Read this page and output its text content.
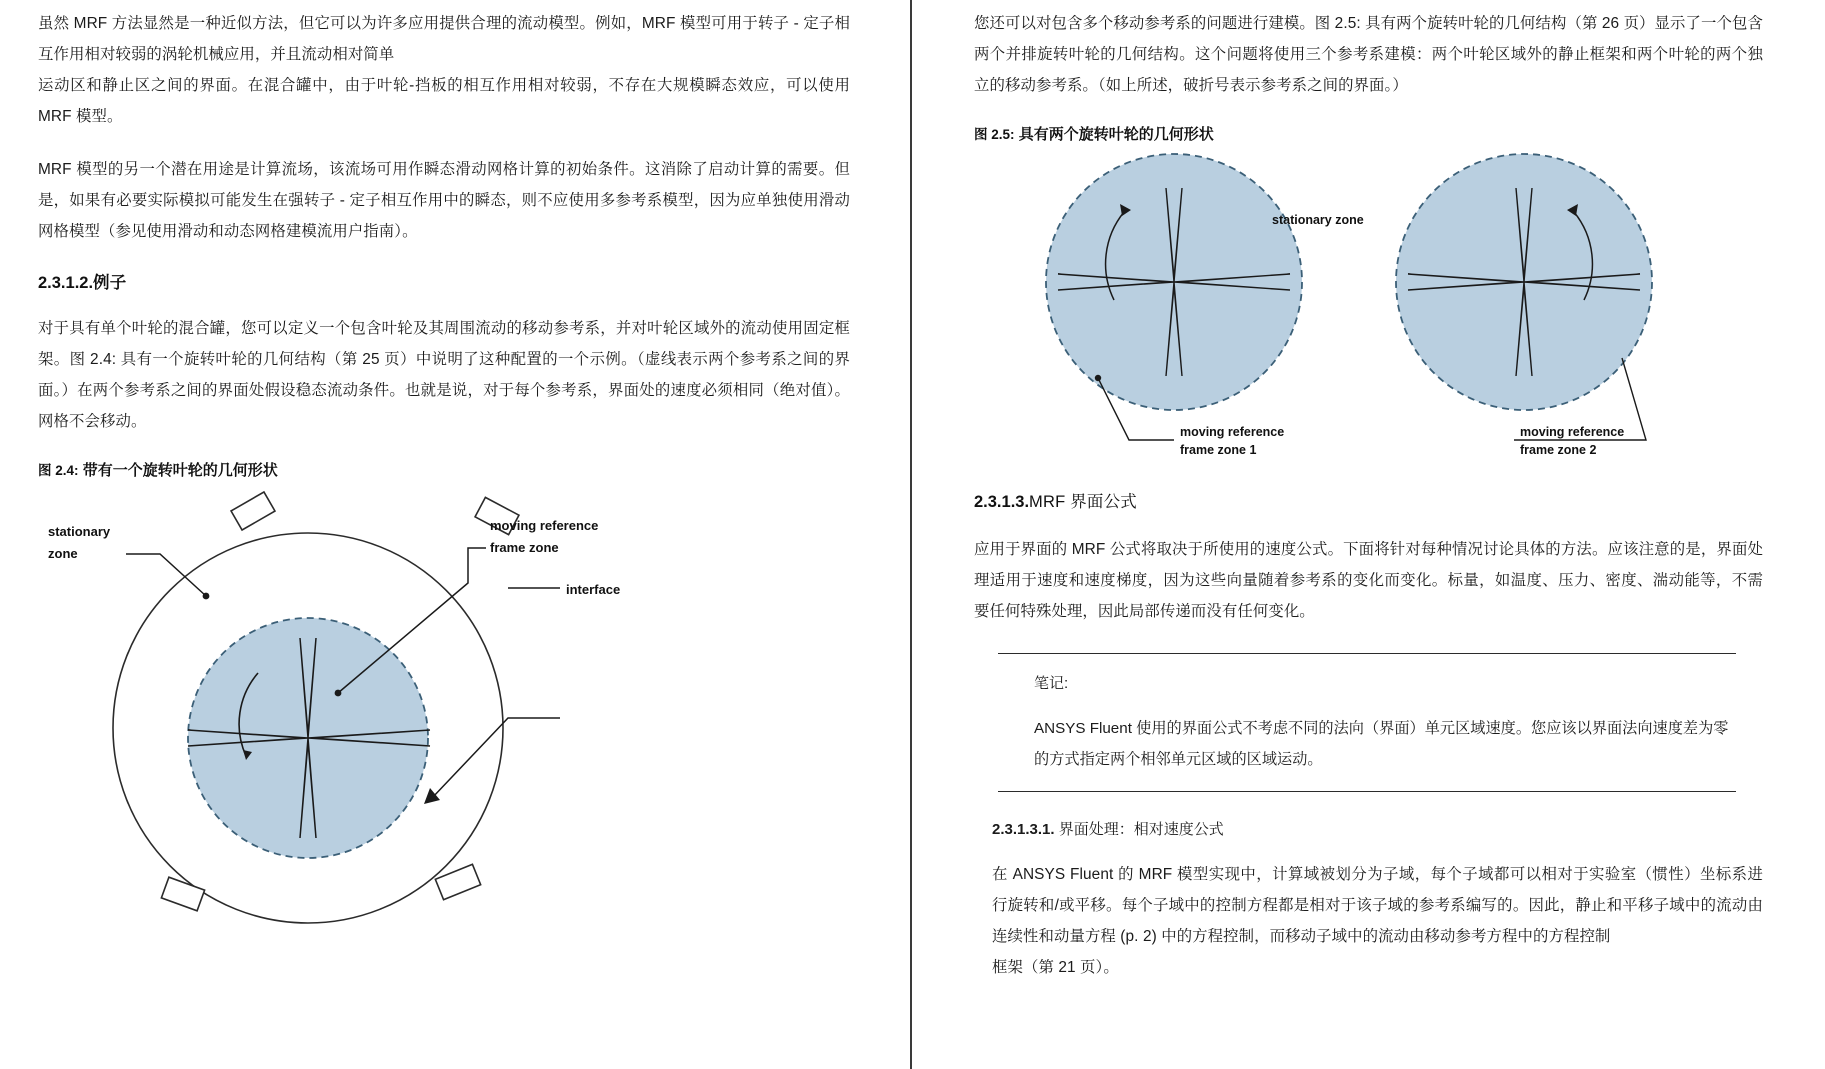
虽然 MRF 方法显然是一种近似方法，但它可以为许多应用提供合理的流动模型。例如，MRF 模型可用于转子 - 定子相互作用相对较弱的涡轮机械应用，并且流动相对简单

运动区和静止区之间的界面。在混合罐中，由于叶轮-挡板的相互作用相对较弱，不存在大规模瞬态效应，可以使用 MRF 模型。

MRF 模型的另一个潜在用途是计算流场，该流场可用作瞬态滑动网格计算的初始条件。这消除了启动计算的需要。但是，如果有必要实际模拟可能发生在强转子 - 定子相互作用中的瞬态，则不应使用多参考系模型，因为应单独使用滑动网格模型（参见使用滑动和动态网格建模流用户指南）。

2.3.1.2.例子

对于具有单个叶轮的混合罐，您可以定义一个包含叶轮及其周围流动的移动参考系，并对叶轮区域外的流动使用固定框架。图 2.4: 具有一个旋转叶轮的几何结构（第 25 页）中说明了这种配置的一个示例。（虚线表示两个参考系之间的界面。）在两个参考系之间的界面处假设稳态流动条件。也就是说，对于每个参考系，界面处的速度必须相同（绝对值）。网格不会移动。

图 2.4: 带有一个旋转叶轮的几何形状
stationary
zone
moving reference
frame zone
interface

您还可以对包含多个移动参考系的问题进行建模。图 2.5: 具有两个旋转叶轮的几何结构（第 26 页）显示了一个包含两个并排旋转叶轮的几何结构。这个问题将使用三个参考系建模：两个叶轮区域外的静止框架和两个叶轮的两个独立的移动参考系。（如上所述，破折号表示参考系之间的界面。）

图 2.5: 具有两个旋转叶轮的几何形状
stationary zone
moving reference
frame zone 1
moving reference
frame zone 2
2.3.1.3.MRF 界面公式

应用于界面的 MRF 公式将取决于所使用的速度公式。下面将针对每种情况讨论具体的方法。应该注意的是，界面处理适用于速度和速度梯度，因为这些向量随着参考系的变化而变化。标量，如温度、压力、密度、湍动能等，不需要任何特殊处理，因此局部传递而没有任何变化。

笔记:

ANSYS Fluent 使用的界面公式不考虑不同的法向（界面）单元区域速度。您应该以界面法向速度差为零的方式指定两个相邻单元区域的区域运动。

2.3.1.3.1. 界面处理：相对速度公式

在 ANSYS Fluent 的 MRF 模型实现中，计算域被划分为子域，每个子域都可以相对于实验室（惯性）坐标系进行旋转和/或平移。每个子域中的控制方程都是相对于该子域的参考系编写的。因此，静止和平移子域中的流动由连续性和动量方程 (p. 2) 中的方程控制，而移动子域中的流动由移动参考方程中的方程控制

框架（第 21 页）。
